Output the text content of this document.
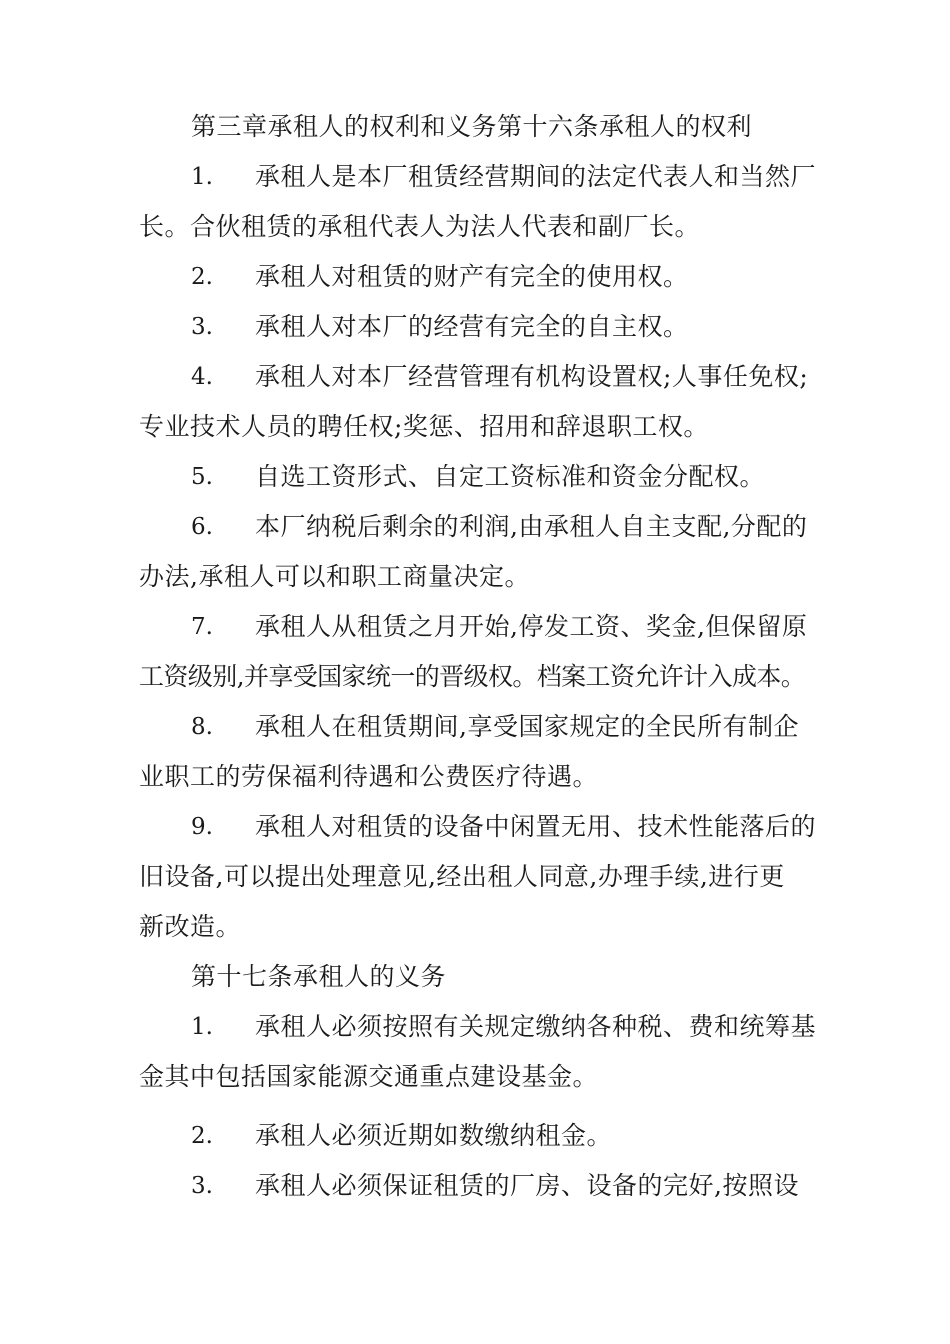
第三章承租人的权利和义务第十六条承租人的权利
1. 承租人是本厂租赁经营期间的法定代表人和当然厂
长。合伙租赁的承租代表人为法人代表和副厂长。
2. 承租人对租赁的财产有完全的使用权。
3. 承租人对本厂的经营有完全的自主权。
4. 承租人对本厂经营管理有机构设置权;人事任免权;
专业技术人员的聘任权;奖惩、招用和辞退职工权。
5. 自选工资形式、自定工资标准和资金分配权。
6. 本厂纳税后剩余的利润,由承租人自主支配,分配的
办法,承租人可以和职工商量决定。
7. 承租人从租赁之月开始,停发工资、奖金,但保留原
工资级别,并享受国家统一的晋级权。档案工资允许计入成本。
8. 承租人在租赁期间,享受国家规定的全民所有制企
业职工的劳保福利待遇和公费医疗待遇。
9. 承租人对租赁的设备中闲置无用、技术性能落后的
旧设备,可以提出处理意见,经出租人同意,办理手续,进行更
新改造。
第十七条承租人的义务
1. 承租人必须按照有关规定缴纳各种税、费和统筹基
金其中包括国家能源交通重点建设基金。
2. 承租人必须近期如数缴纳租金。
3. 承租人必须保证租赁的厂房、设备的完好,按照设
